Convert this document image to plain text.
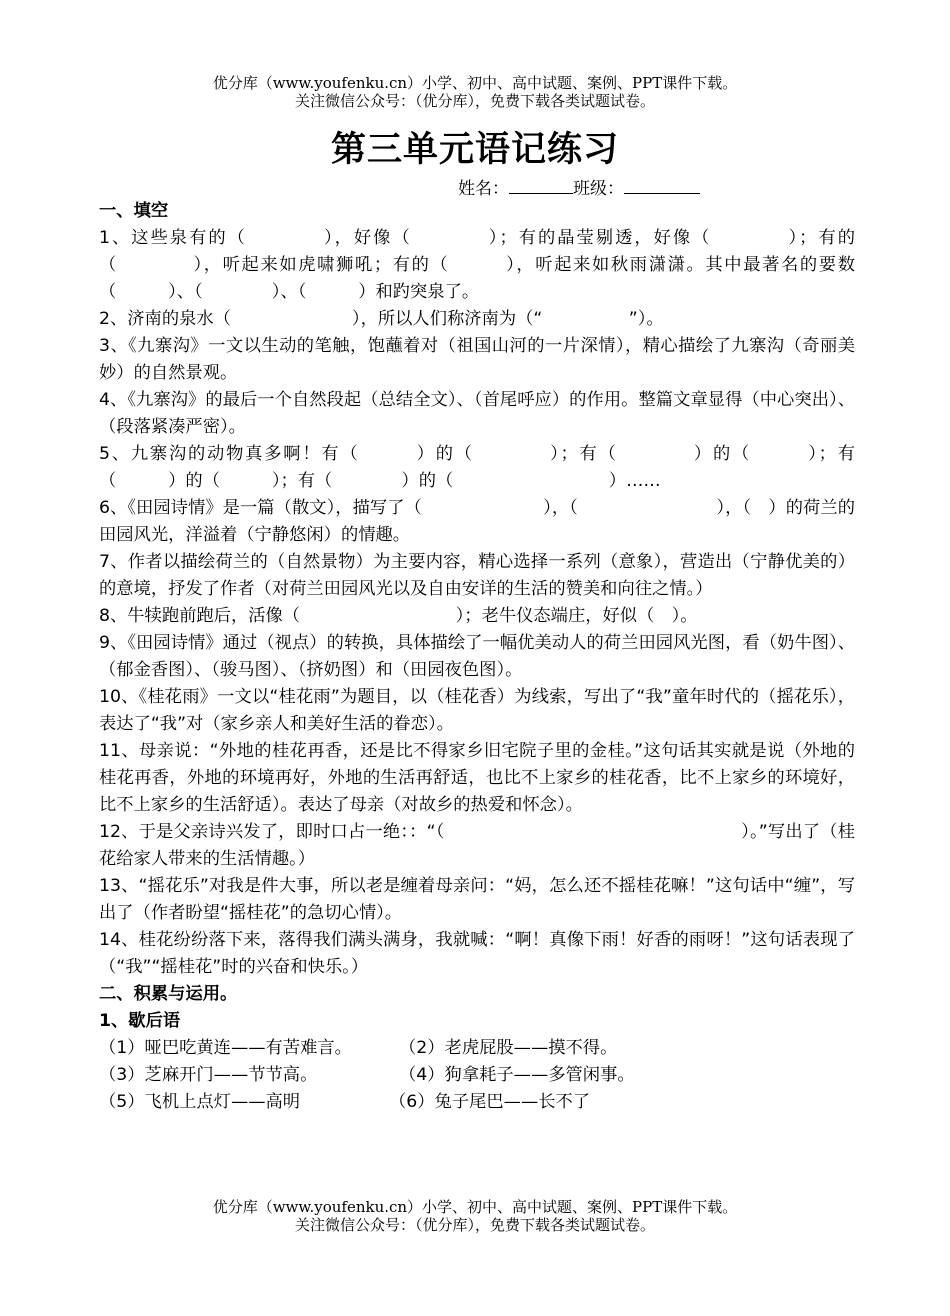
优分库（www.youfenku.cn）小学、初中、高中试题、案例、PPT课件下载。
关注微信公众号：（优分库），免费下载各类试题试卷。
第三单元语记练习
姓名：	班级：
一、填空
1、这些泉有的（　　　　），好像（　　　　）；有的晶莹剔透，好像（　　　　）；有的（　　　　），听起来如虎啸狮吼；有的（　　　），听起来如秋雨潇潇。其中最著名的要数（　　　）、（　　　　）、（　　　）和趵突泉了。
2、济南的泉水（　　　　　　　），所以人们称济南为（“　　　　　”）。
3、《九寨沟》一文以生动的笔触，饱蘸着对（祖国山河的一片深情），精心描绘了九寨沟（奇丽美妙）的自然景观。
4、《九寨沟》的最后一个自然段起（总结全文）、（首尾呼应）的作用。整篇文章显得（中心突出）、（段落紧凑严密）。
5、九寨沟的动物真多啊！有（　　　）的（　　　　）；有（　　　　）的（　　　）；有（　　　）的（　　　）；有（　　　　）的（　　　　　　　　　）……
6、《田园诗情》是一篇（散文），描写了（　　　　　　　），（　　　　　　　　），（　）的荷兰的田园风光，洋溢着（宁静悠闲）的情趣。
7、作者以描绘荷兰的（自然景物）为主要内容，精心选择一系列（意象），营造出（宁静优美的）的意境，抒发了作者（对荷兰田园风光以及自由安详的生活的赞美和向往之情。）
8、牛犊跑前跑后，活像（　　　　　　　　　）；老牛仪态端庄，好似（　）。
9、《田园诗情》通过（视点）的转换，具体描绘了一幅优美动人的荷兰田园风光图，看（奶牛图）、（郁金香图）、（骏马图）、（挤奶图）和（田园夜色图）。
10、《桂花雨》一文以“桂花雨”为题目，以（桂花香）为线索，写出了“我”童年时代的（摇花乐），表达了“我”对（家乡亲人和美好生活的眷恋）。
11、母亲说：“外地的桂花再香，还是比不得家乡旧宅院子里的金桂。”这句话其实就是说（外地的桂花再香，外地的环境再好，外地的生活再舒适，也比不上家乡的桂花香，比不上家乡的环境好，比不上家乡的生活舒适）。表达了母亲（对故乡的热爱和怀念）。
12、于是父亲诗兴发了，即时口占一绝：：“（　　　　　　　　　　　　　　　　　）。”写出了（桂花给家人带来的生活情趣。）
13、“摇花乐”对我是件大事，所以老是缠着母亲问：“妈，怎么还不摇桂花嘛！”这句话中“缠”，写出了（作者盼望“摇桂花”的急切心情）。
14、桂花纷纷落下来，落得我们满头满身，我就喊：“啊！真像下雨！好香的雨呀！”这句话表现了（“我”“摇桂花”时的兴奋和快乐。）
二、积累与运用。
1、歇后语
（1）哑巴吃黄连——有苦难言。	（2）老虎屁股——摸不得。
（3）芝麻开门——节节高。	（4）狗拿耗子——多管闲事。
（5）飞机上点灯——高明	（6）兔子尾巴——长不了
优分库（www.youfenku.cn）小学、初中、高中试题、案例、PPT课件下载。
关注微信公众号：（优分库），免费下载各类试题试卷。
